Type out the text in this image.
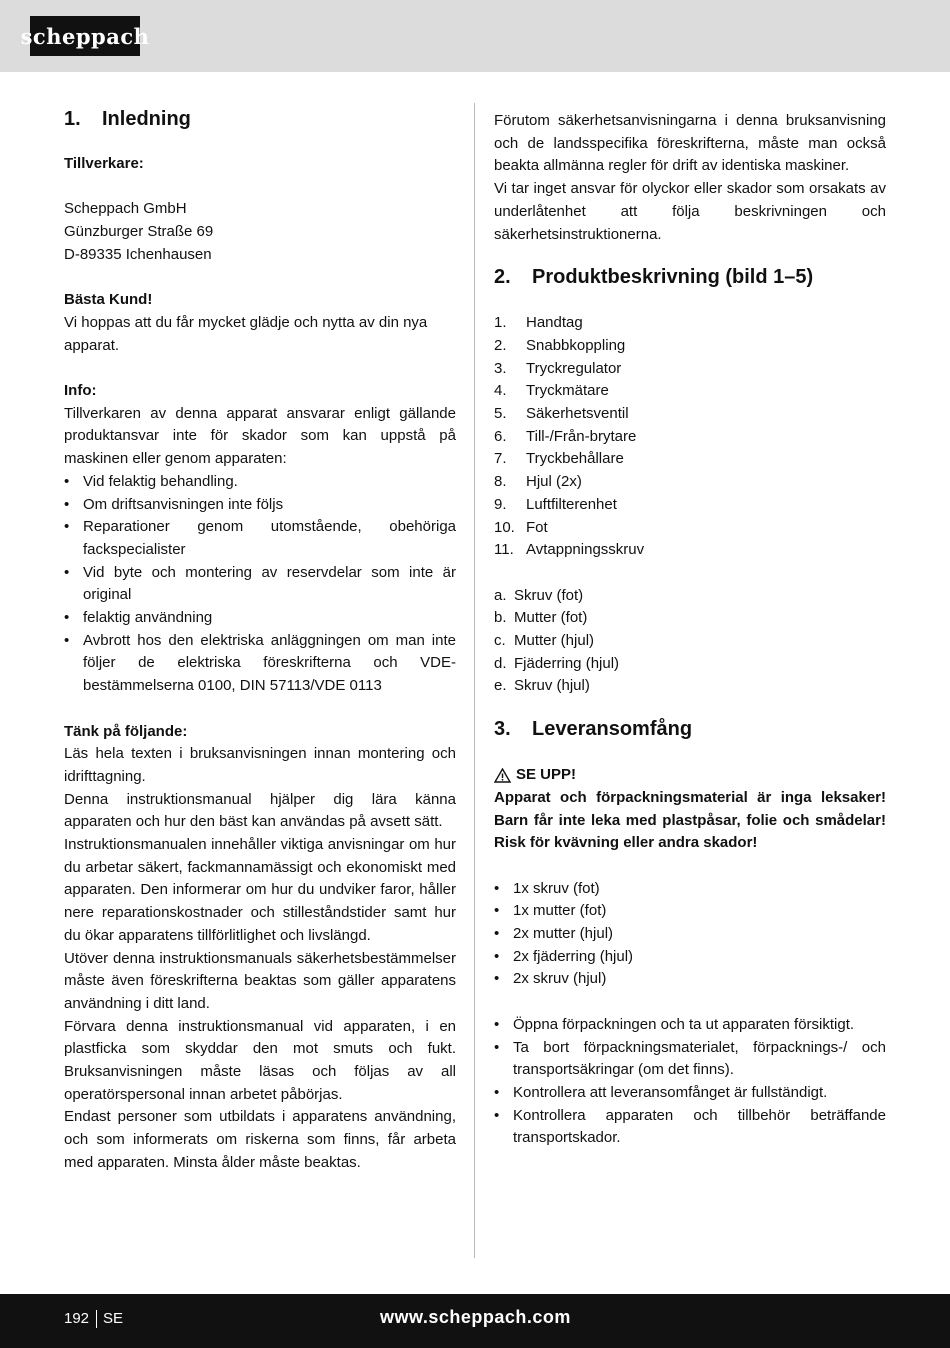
scheppach
1.	Inledning

Tillverkare:

Scheppach GmbH

Günzburger Straße 69

D-89335 Ichenhausen

Bästa Kund!

Vi hoppas att du får mycket glädje och nytta av din nya apparat.

Info:

Tillverkaren av denna apparat ansvarar enligt gällande produktansvar inte för skador som kan uppstå på maskinen eller genom apparaten:

• Vid felaktig behandling.
• Om driftsanvisningen inte följs
• Reparationer genom utomstående, obehöriga fackspecialister
• Vid byte och montering av reservdelar som inte är original
• felaktig användning
• Avbrott hos den elektriska anläggningen om man inte följer de elektriska föreskrifterna och VDE-bestämmelserna 0100, DIN 57113/VDE 0113

Tänk på följande:

Läs hela texten i bruksanvisningen innan montering och idrifttagning.

Denna instruktionsmanual hjälper dig lära känna apparaten och hur den bäst kan användas på avsett sätt.

Instruktionsmanualen innehåller viktiga anvisningar om hur du arbetar säkert, fackmannamässigt och ekonomiskt med apparaten. Den informerar om hur du undviker faror, håller nere reparationskostnader och stilleståndstider samt hur du ökar apparatens tillförlitlighet och livslängd.

Utöver denna instruktionsmanuals säkerhetsbestämmelser måste även föreskrifterna beaktas som gäller apparatens användning i ditt land.

Förvara denna instruktionsmanual vid apparaten, i en plastficka som skyddar den mot smuts och fukt. Bruksanvisningen måste läsas och följas av all operatörspersonal innan arbetet påbörjas.

Endast personer som utbildats i apparatens användning, och som informerats om riskerna som finns, får arbeta med apparaten. Minsta ålder måste beaktas.

Förutom säkerhetsanvisningarna i denna bruksanvisning och de landsspecifika föreskrifterna, måste man också beakta allmänna regler för drift av identiska maskiner.

Vi tar inget ansvar för olyckor eller skador som orsakats av underlåtenhet att följa beskrivningen och säkerhetsinstruktionerna.

2.	Produktbeskrivning (bild 1–5)
1.	Handtag
2.	Snabbkoppling
3.	Tryckregulator
4.	Tryckmätare
5.	Säkerhetsventil
6.	Till-/Från-brytare
7.	Tryckbehållare
8.	Hjul (2x)
9.	Luftfilterenhet
10. Fot
11. Avtappningsskruv
a. Skruv (fot)
b. Mutter (fot)
c. Mutter (hjul)
d. Fjäderring (hjul)
e. Skruv (hjul)
3.	Leveransomfång

SE UPP!

Apparat och förpackningsmaterial är inga leksaker! Barn får inte leka med plastpåsar, folie och smådelar! Risk för kvävning eller andra skador!

• 1x skruv (fot)
• 1x mutter (fot)
• 2x mutter (hjul)
• 2x fjäderring (hjul)
• 2x skruv (hjul)
• Öppna förpackningen och ta ut apparaten försiktigt.
• Ta bort förpackningsmaterialet, förpacknings-/ och transportsäkringar (om det finns).
• Kontrollera att leveransomfånget är fullständigt.
• Kontrollera apparaten och tillbehör beträffande transportskador.
192 SE	www.scheppach.com
